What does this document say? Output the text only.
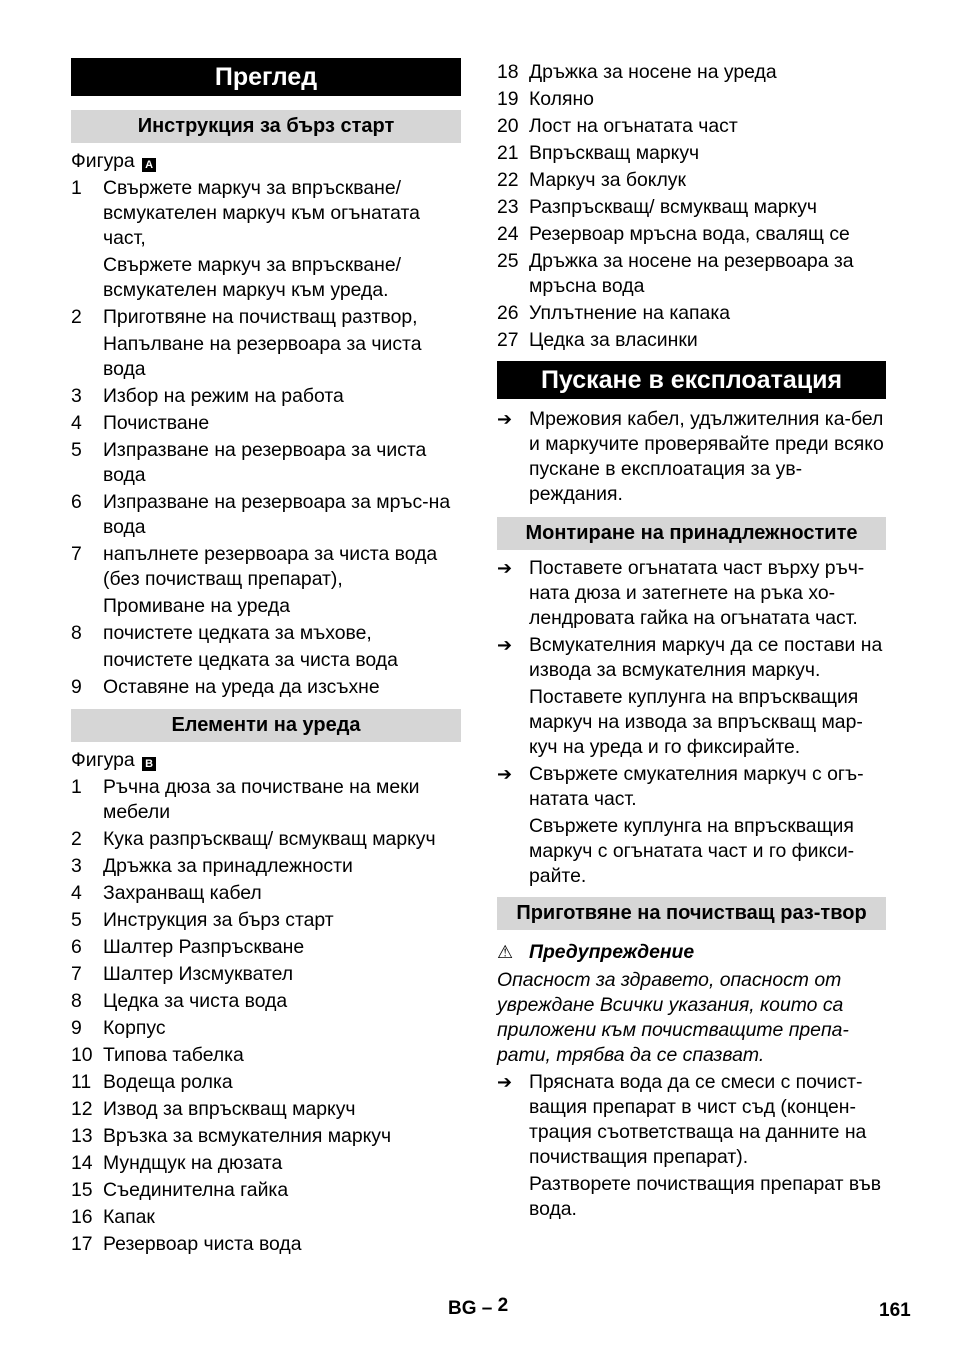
Преглед
Инструкция за бърз старт
Фигура A
1	Свържете маркуч за впръскване/ всмукателен маркуч към огънатата част,
Свържете маркуч за впръскване/ всмукателен маркуч към уреда.
2	Приготвяне на почистващ разтвор,
Напълване на резервоара за чиста вода
3	Избор на режим на работа
4	Почистване
5	Изпразване на резервоара за чиста вода
6	Изпразване на резервоара за мръс-на вода
7	напълнете резервоара за чиста вода (без почистващ препарат),
Промиване на уреда
8	почистете цедката за мъхове,
почистете цедката за чиста вода
9	Оставяне на уреда да изсъхне
Елементи на уреда
Фигура B
1	Ръчна дюза за почистване на меки мебели
2	Кука разпръскващ/ всмукващ маркуч
3	Дръжка за принадлежности
4	Захранващ кабел
5	Инструкция за бърз старт
6	Шалтер Разпръскване
7	Шалтер Изсмуквател
8	Цедка за чиста вода
9	Корпус
10 Типова табелка
11 Водеща ролка
12 Извод за впръскващ маркуч
13 Връзка за всмукателния маркуч
14 Мундщук на дюзата
15 Съединителна гайка
16 Капак
17 Резервоар чиста вода
18 Дръжка за носене на уреда
19 Коляно
20 Лост на огънатата част
21 Впръскващ маркуч
22 Маркуч за боклук
23 Разпръскващ/ всмукващ маркуч
24 Резервоар мръсна вода, свалящ се
25 Дръжка за носене на резервоара за мръсна вода
26 Уплътнение на капака
27 Цедка за власинки
Пускане в експлоатация
➔ Мрежовия кабел, удължителния ка-бел и маркучите проверявайте преди всяко пускане в експлоатация за ув-реждания.
Монтиране на принадлежностите
➔ Поставете огънатата част върху ръч-ната дюза и затегнете на ръка хо-лендровата гайка на огънатата част.
➔ Всмукателния маркуч да се постави на извода за всмукателния маркуч.
Поставете куплунга на впръскващия маркуч на извода за впръскващ мар-куч на уреда и го фиксирайте.
➔ Свържете смукателния маркуч с огъ-натата част.
Свържете куплунга на впръскващия маркуч с огънатата част и го фикси-райте.
Приготвяне на почистващ раз-твор
⚠ Предупреждение
Опасност за здравето, опасност от увреждане Всички указания, които са приложени към почистващите препа-рати, трябва да се спазват.
➔ Прясната вода да се смеси с почист-ващия препарат в чист съд (концен-трация съответстваща на данните на почистващия препарат).
Разтворете почистващия препарат във вода.
BG – 2	161
